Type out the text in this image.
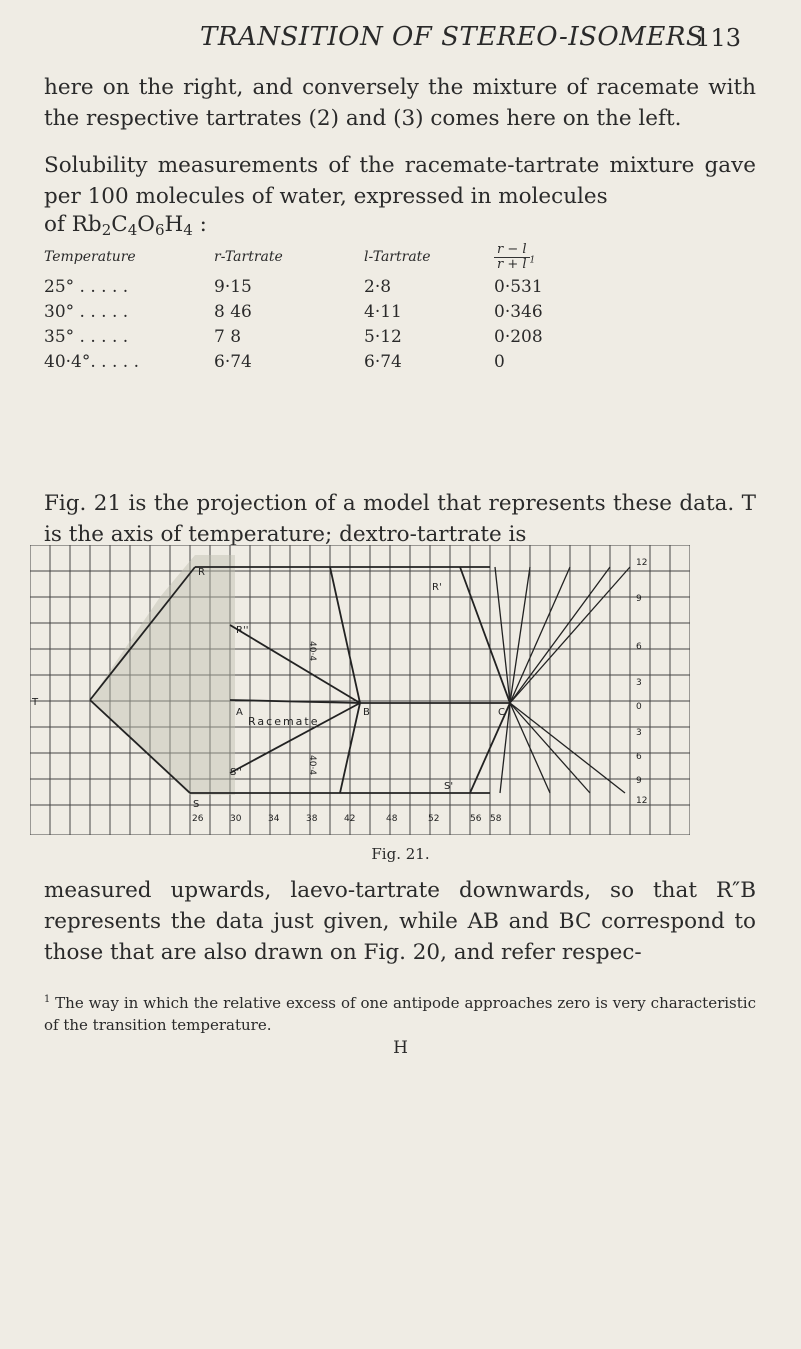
TRANSITION OF STEREO-ISOMERS
113
here on the right, and conversely the mixture of racemate with the respective tartrates (2) and (3) comes here on the left.
Solubility measurements of the racemate-tartrate mixture gave per 100 molecules of water, expressed in molecules
of $Rb_2C_4O_6H_4$ :
Temperature	r-Tartrate	l-Tartrate	$\frac{r - l}{r + l}^1$
25° . . . . .	9·15	2·8	0·531
30° . . . . .	8 46	4·11	0·346
35° . . . . .	7 8	5·12	0·208
40·4°. . . . .	6·74	6·74	0
Fig. 21 is the projection of a model that represents these data. T is the axis of temperature; dextro-tartrate is
R
R'
R''
A	B	C
S
S'
S''
T
Racemate
40·4
40·4
26	30	34	38	42	48	52	56 58
12
9
6
3
0
3
6
9
12
Fig. 21.
measured upwards, laevo-tartrate downwards, so that R″B represents the data just given, while AB and BC correspond to those that are also drawn on Fig. 20, and refer respec-
$^1$ The way in which the relative excess of one antipode approaches zero is very characteristic of the transition temperature.
H
